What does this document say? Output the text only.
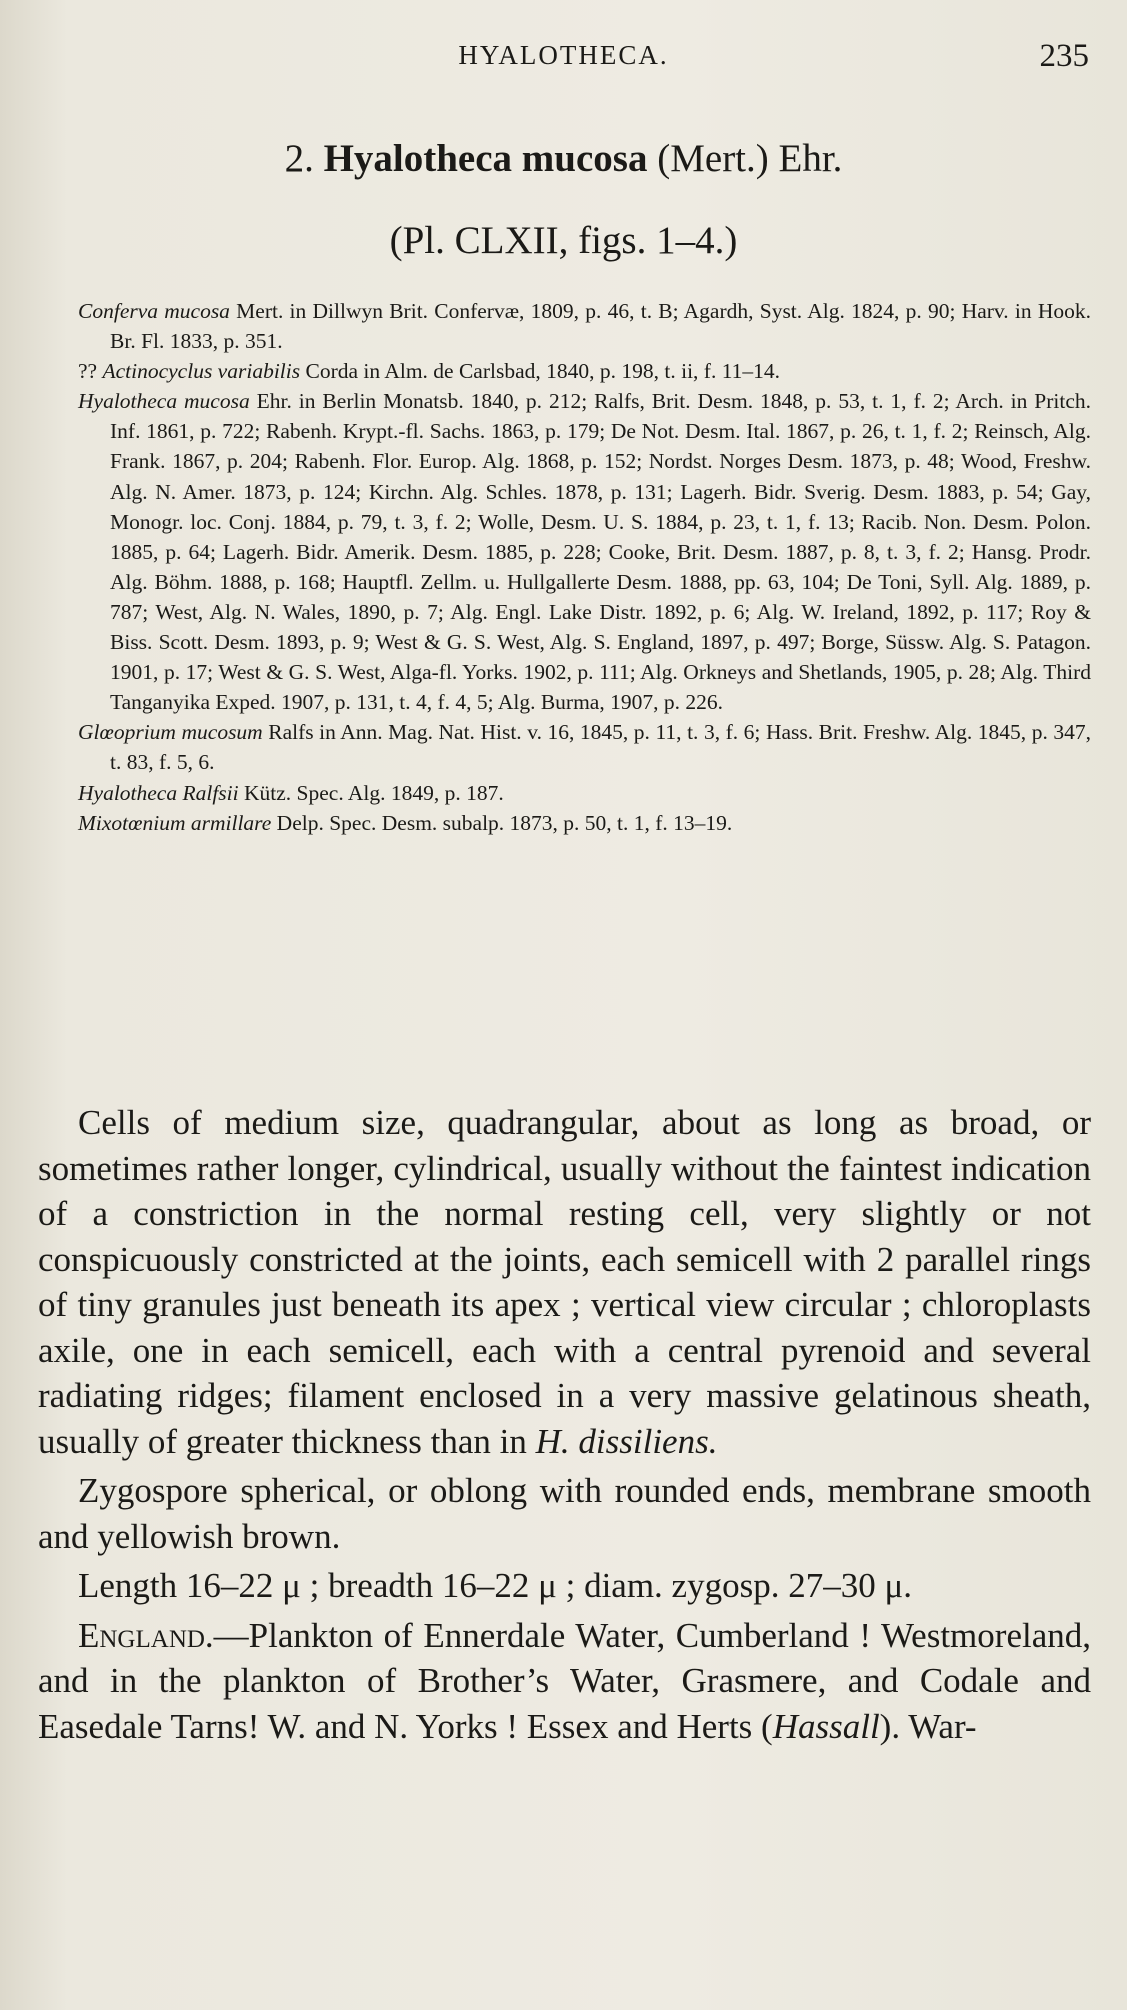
HYALOTHECA.	235
2. Hyalotheca mucosa (Mert.) Ehr.
(Pl. CLXII, figs. 1–4.)

Conferva mucosa Mert. in Dillwyn Brit. Confervæ, 1809, p. 46, t. B; Agardh, Syst. Alg. 1824, p. 90; Harv. in Hook. Br. Fl. 1833, p. 351.

?? Actinocyclus variabilis Corda in Alm. de Carlsbad, 1840, p. 198, t. ii, f. 11–14.

Hyalotheca mucosa Ehr. in Berlin Monatsb. 1840, p. 212; Ralfs, Brit. Desm. 1848, p. 53, t. 1, f. 2; Arch. in Pritch. Inf. 1861, p. 722; Rabenh. Krypt.-fl. Sachs. 1863, p. 179; De Not. Desm. Ital. 1867, p. 26, t. 1, f. 2; Reinsch, Alg. Frank. 1867, p. 204; Rabenh. Flor. Europ. Alg. 1868, p. 152; Nordst. Norges Desm. 1873, p. 48; Wood, Freshw. Alg. N. Amer. 1873, p. 124; Kirchn. Alg. Schles. 1878, p. 131; Lagerh. Bidr. Sverig. Desm. 1883, p. 54; Gay, Monogr. loc. Conj. 1884, p. 79, t. 3, f. 2; Wolle, Desm. U. S. 1884, p. 23, t. 1, f. 13; Racib. Non. Desm. Polon. 1885, p. 64; Lagerh. Bidr. Amerik. Desm. 1885, p. 228; Cooke, Brit. Desm. 1887, p. 8, t. 3, f. 2; Hansg. Prodr. Alg. Böhm. 1888, p. 168; Hauptfl. Zellm. u. Hullgallerte Desm. 1888, pp. 63, 104; De Toni, Syll. Alg. 1889, p. 787; West, Alg. N. Wales, 1890, p. 7; Alg. Engl. Lake Distr. 1892, p. 6; Alg. W. Ireland, 1892, p. 117; Roy & Biss. Scott. Desm. 1893, p. 9; West & G. S. West, Alg. S. England, 1897, p. 497; Borge, Süssw. Alg. S. Patagon. 1901, p. 17; West & G. S. West, Alga-fl. Yorks. 1902, p. 111; Alg. Orkneys and Shetlands, 1905, p. 28; Alg. Third Tanganyika Exped. 1907, p. 131, t. 4, f. 4, 5; Alg. Burma, 1907, p. 226.

Glœoprium mucosum Ralfs in Ann. Mag. Nat. Hist. v. 16, 1845, p. 11, t. 3, f. 6; Hass. Brit. Freshw. Alg. 1845, p. 347, t. 83, f. 5, 6.

Hyalotheca Ralfsii Kütz. Spec. Alg. 1849, p. 187.

Mixotœnium armillare Delp. Spec. Desm. subalp. 1873, p. 50, t. 1, f. 13–19.

Cells of medium size, quadrangular, about as long as broad, or sometimes rather longer, cylindrical, usually without the faintest indication of a constriction in the normal resting cell, very slightly or not conspicuously constricted at the joints, each semicell with 2 parallel rings of tiny granules just beneath its apex ; vertical view circular ; chloroplasts axile, one in each semicell, each with a central pyrenoid and several radiating ridges; filament enclosed in a very massive gelatinous sheath, usually of greater thickness than in H. dissiliens.

Zygospore spherical, or oblong with rounded ends, membrane smooth and yellowish brown.

Length 16–22 μ ; breadth 16–22 μ ; diam. zygosp. 27–30 μ.

England.—Plankton of Ennerdale Water, Cumberland ! Westmoreland, and in the plankton of Brother’s Water, Grasmere, and Codale and Easedale Tarns! W. and N. Yorks ! Essex and Herts (Hassall). War-
